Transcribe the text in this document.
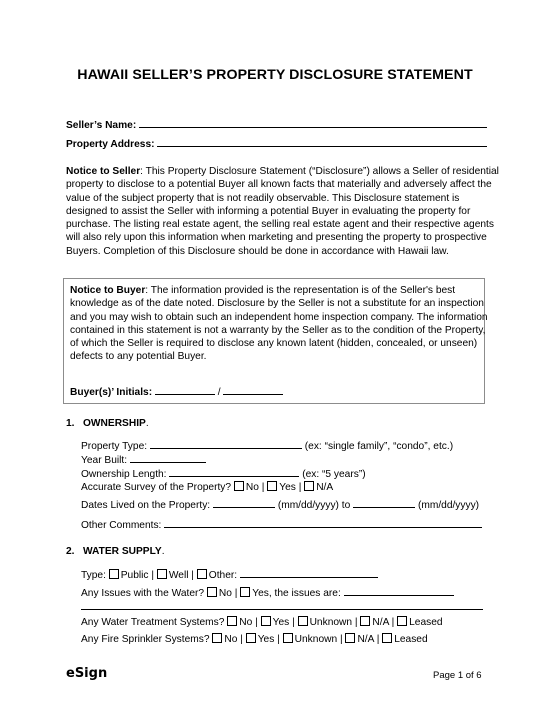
HAWAII SELLER’S PROPERTY DISCLOSURE STATEMENT
Seller’s Name:
Property Address:
Notice to Seller: This Property Disclosure Statement (“Disclosure”) allows a Seller of residential
property to disclose to a potential Buyer all known facts that materially and adversely affect the
value of the subject property that is not readily observable. This Disclosure statement is
designed to assist the Seller with informing a potential Buyer in evaluating the property for
purchase. The listing real estate agent, the selling real estate agent and their respective agents
will also rely upon this information when marketing and presenting the property to prospective
Buyers. Completion of this Disclosure should be done in accordance with Hawaii law.
Notice to Buyer: The information provided is the representation is of the Seller's best
knowledge as of the date noted. Disclosure by the Seller is not a substitute for an inspection
and you may wish to obtain such an independent home inspection company. The information
contained in this statement is not a warranty by the Seller as to the condition of the Property,
of which the Seller is required to disclose any known latent (hidden, concealed, or unseen)
defects to any potential Buyer.
Buyer(s)’ Initials:	/
1. OWNERSHIP.
Property Type:	(ex: “single family”, “condo”, etc.)
Year Built:
Ownership Length:	(ex: “5 years”)
Accurate Survey of the Property? No | Yes | N/A
Dates Lived on the Property:	(mm/dd/yyyy) to	(mm/dd/yyyy)
Other Comments:
2. WATER SUPPLY.
Type: Public | Well | Other:
Any Issues with the Water? No | Yes, the issues are:
Any Water Treatment Systems? No | Yes | Unknown | N/A | Leased
Any Fire Sprinkler Systems? No | Yes | Unknown | N/A | Leased
eSign	Page 1 of 6
